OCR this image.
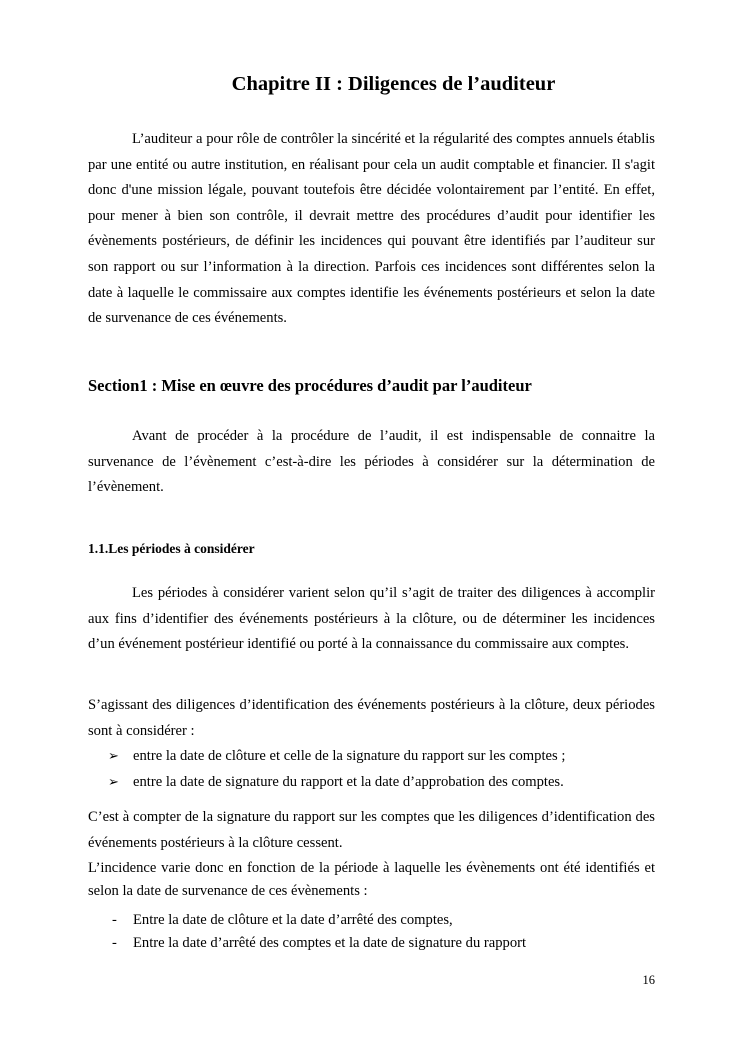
Chapitre II : Diligences de l’auditeur

L’auditeur a pour rôle de contrôler la sincérité et la régularité des comptes annuels établis par une entité ou autre institution, en réalisant pour cela un audit comptable et financier. Il s'agit donc d'une mission légale, pouvant toutefois être décidée volontairement par l’entité. En effet, pour mener à bien son contrôle, il devrait mettre des procédures d’audit pour identifier les évènements postérieurs, de définir les incidences qui pouvant être identifiés par l’auditeur sur son rapport ou sur l’information à la direction. Parfois ces incidences sont différentes selon la date à laquelle le commissaire aux comptes identifie les événements postérieurs et selon la date de survenance de ces événements.

Section1 : Mise en œuvre des procédures d’audit par l’auditeur

Avant de procéder à la procédure de l’audit, il est indispensable de connaitre la survenance de l’évènement c’est-à-dire les périodes à considérer sur la détermination de l’évènement.

1.1.Les périodes à considérer

Les périodes à considérer varient selon qu’il s’agit de traiter des diligences à accomplir aux fins d’identifier des événements postérieurs à la clôture, ou de déterminer les incidences d’un événement postérieur identifié ou porté à la connaissance du commissaire aux comptes.

S’agissant des diligences d’identification des événements postérieurs à la clôture, deux périodes sont à considérer :

➢ entre la date de clôture et celle de la signature du rapport sur les comptes ;
➢ entre la date de signature du rapport et la date d’approbation des comptes.

C’est à compter de la signature du rapport sur les comptes que les diligences d’identification des événements postérieurs à la clôture cessent.

L’incidence varie donc en fonction de la période à laquelle les évènements ont été identifiés et selon la date de survenance de ces évènements :

- Entre la date de clôture et la date d’arrêté des comptes,
- Entre la date d’arrêté des comptes et la date de signature du rapport
16
